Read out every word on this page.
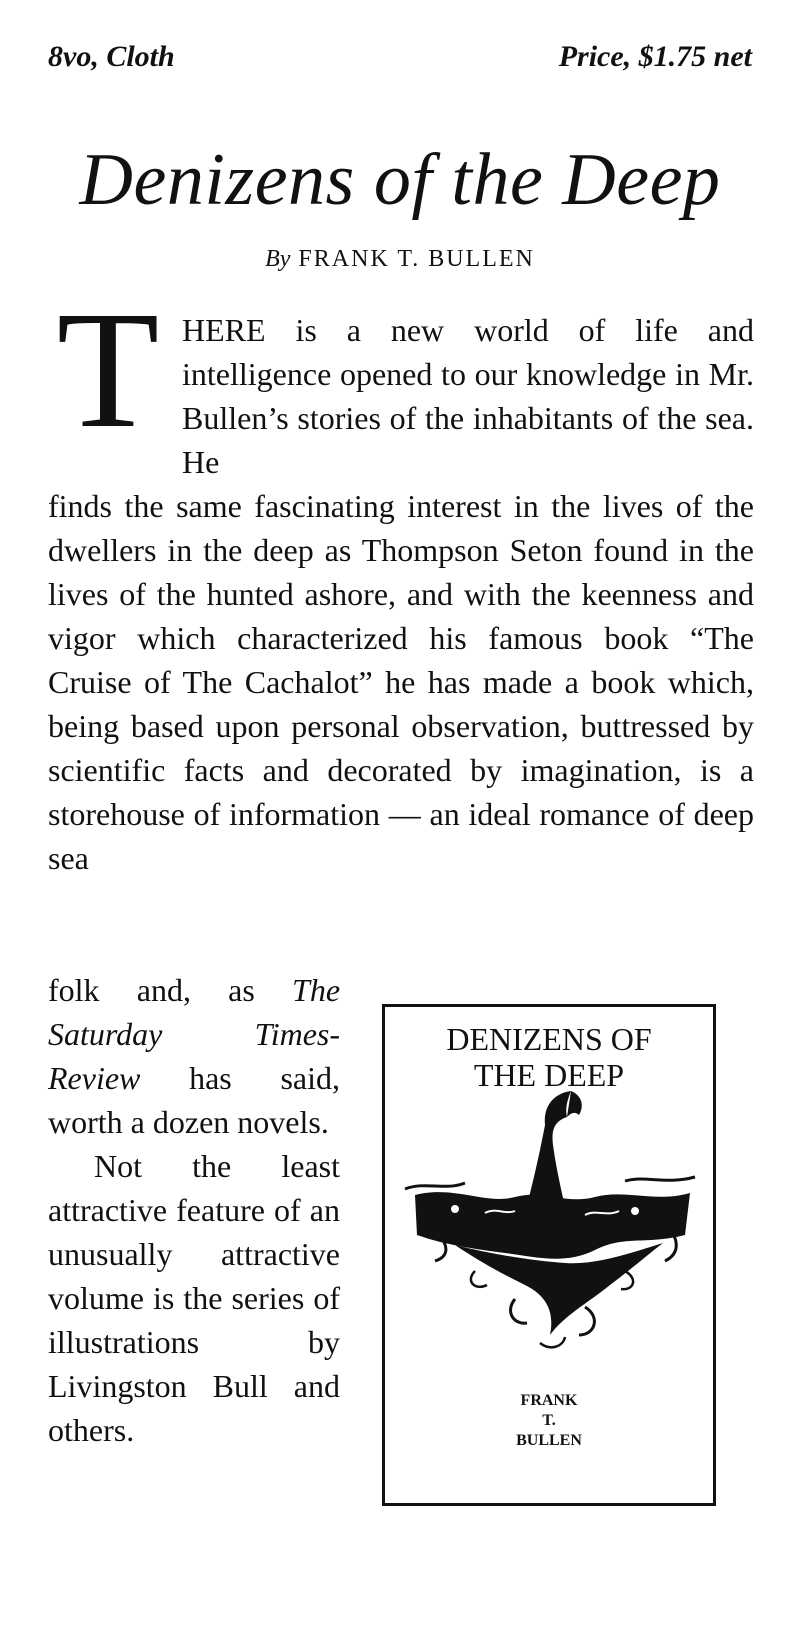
8vo, Cloth	Price, $1.75 net
Denizens of the Deep
By FRANK T. BULLEN
T HERE is a new world of life and intelligence opened to our knowledge in Mr. Bullen’s stories of the inhabitants of the sea. He

finds the same fascinating interest in the lives of the dwellers in the deep as Thompson Seton found in the lives of the hunted ashore, and with the keenness and vigor which characterized his famous book “The Cruise of The Cachalot” he has made a book which, being based upon personal observation, buttressed by scientific facts and decorated by imagination, is a storehouse of information — an ideal romance of deep sea

folk and, as The Saturday Times-Review has said, worth a dozen novels.

Not the least attractive feature of an unusually attractive volume is the series of illustrations by Livingston Bull and others.

DENIZENS OF
THE DEEP
FRANK
T.
BULLEN
